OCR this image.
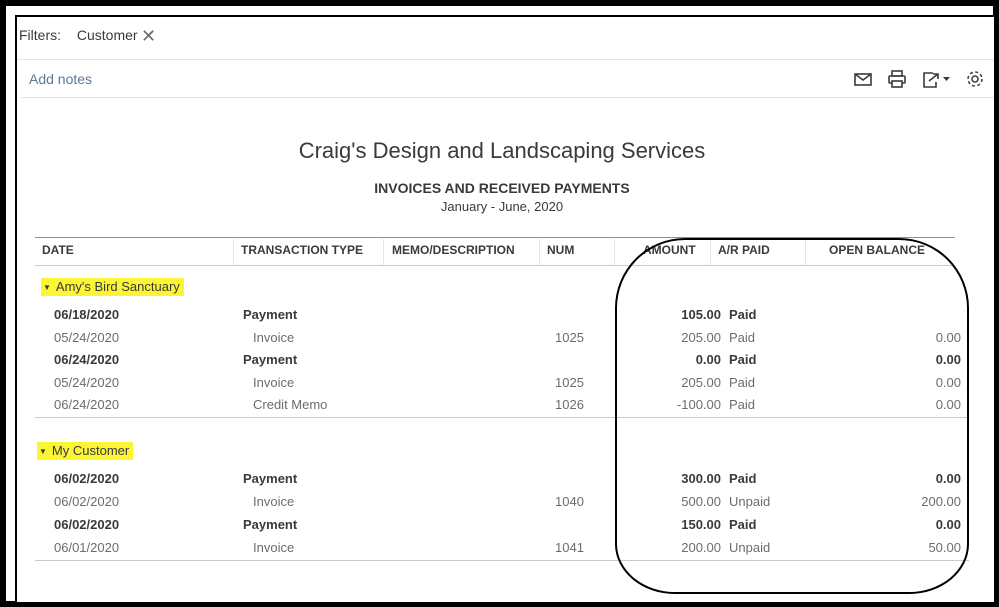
Filters: Customer ✕
Add notes
Craig's Design and Landscaping Services
INVOICES AND RECEIVED PAYMENTS
January - June, 2020
DATE	TRANSACTION TYPE MEMO/DESCRIPTION	NUM	AMOUNT A/R PAID	OPEN BALANCE
▼ Amy's Bird Sanctuary
06/18/2020	Payment	105.00 Paid
05/24/2020	Invoice	1025	205.00 Paid	0.00
06/24/2020	Payment	0.00 Paid	0.00
05/24/2020	Invoice	1025	205.00 Paid	0.00
06/24/2020	Credit Memo	1026	-100.00 Paid	0.00
▼ My Customer
06/02/2020	Payment	300.00 Paid	0.00
06/02/2020	Invoice	1040	500.00 Unpaid	200.00
06/02/2020	Payment	150.00 Paid	0.00
06/01/2020	Invoice	1041	200.00 Unpaid	50.00
